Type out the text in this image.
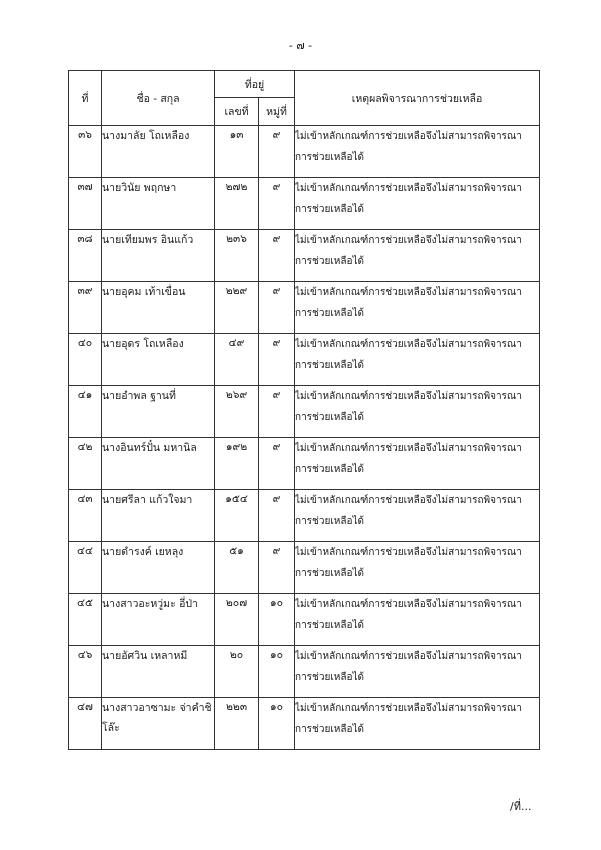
- ๗ -
ที่	ชื่อ - สกุล	ที่อยู่		เหตุผลพิจารณาการช่วยเหลือ
		เลขที่	หมู่ที่	
๓๖	นางมาลัย โถเหลือง	๑๓	๙	ไม่เข้าหลักเกณฑ์การช่วยเหลือจึงไม่สามารถพิจารณา
การช่วยเหลือได้

๓๗	นายวินัย พฤกษา	๒๗๒	๙	ไม่เข้าหลักเกณฑ์การช่วยเหลือจึงไม่สามารถพิจารณา
การช่วยเหลือได้

๓๘	นายเทียมพร อินแก้ว	๒๓๖	๙	ไม่เข้าหลักเกณฑ์การช่วยเหลือจึงไม่สามารถพิจารณา
การช่วยเหลือได้

๓๙	นายอุคม เท้าเขื่อน	๒๒๙	๙	ไม่เข้าหลักเกณฑ์การช่วยเหลือจึงไม่สามารถพิจารณา
การช่วยเหลือได้

๔๐	นายอุดร โถเหลือง	๔๙	๙	ไม่เข้าหลักเกณฑ์การช่วยเหลือจึงไม่สามารถพิจารณา
การช่วยเหลือได้

๔๑	นายอำพล ฐานที่	๒๖๙	๙	ไม่เข้าหลักเกณฑ์การช่วยเหลือจึงไม่สามารถพิจารณา
การช่วยเหลือได้

๔๒	นางอินทร์ปั๋น มหานิล	๑๙๒	๙	ไม่เข้าหลักเกณฑ์การช่วยเหลือจึงไม่สามารถพิจารณา
การช่วยเหลือได้

๔๓	นายศรีลา แก้วใจมา	๑๕๔	๙	ไม่เข้าหลักเกณฑ์การช่วยเหลือจึงไม่สามารถพิจารณา
การช่วยเหลือได้

๔๔	นายดำรงค์ เยหลุง	๕๑	๙	ไม่เข้าหลักเกณฑ์การช่วยเหลือจึงไม่สามารถพิจารณา
การช่วยเหลือได้

๔๕	นางสาวอะหวู่มะ อี่ป่า	๒๐๗	๑๐	ไม่เข้าหลักเกณฑ์การช่วยเหลือจึงไม่สามารถพิจารณา
การช่วยเหลือได้

๔๖	นายอัศวิน เหลาหมี	๒๐	๑๐	ไม่เข้าหลักเกณฑ์การช่วยเหลือจึงไม่สามารถพิจารณา
การช่วยเหลือได้

๔๗	นางสาวอาซามะ จ่าคำชิโล๊ะ	๒๒๓	๑๐	ไม่เข้าหลักเกณฑ์การช่วยเหลือจึงไม่สามารถพิจารณา
การช่วยเหลือได้
/ที่...
